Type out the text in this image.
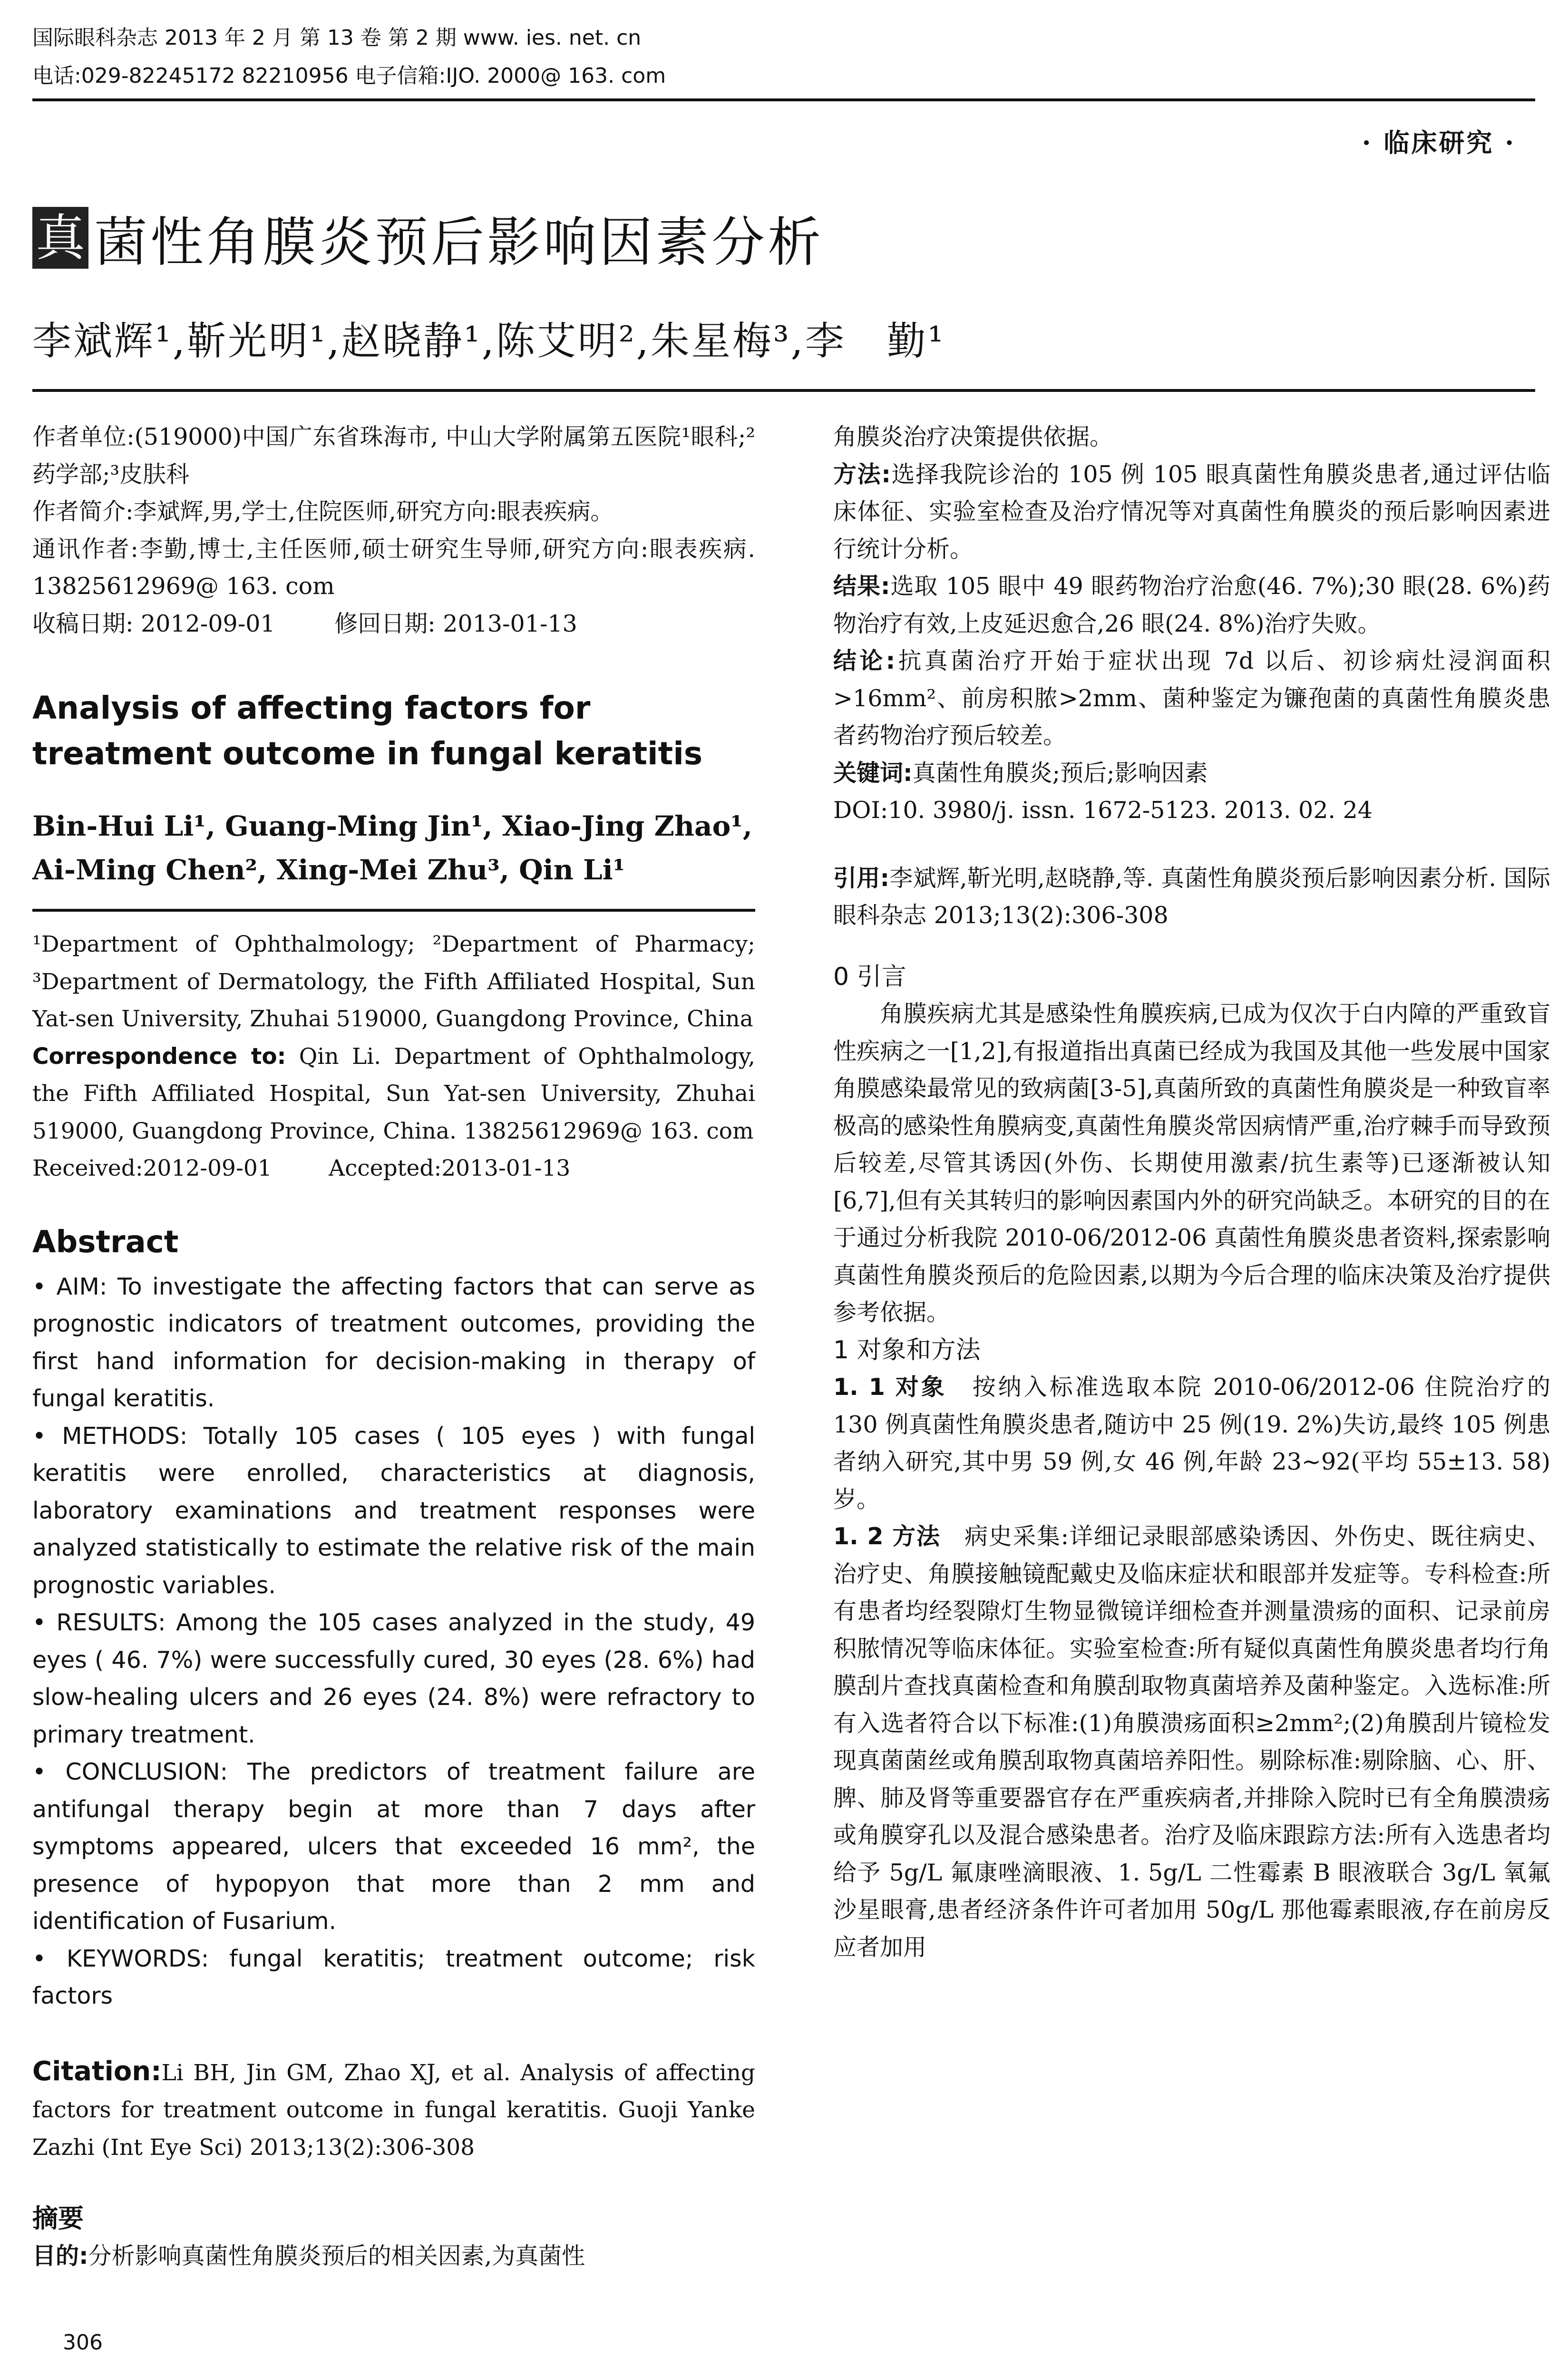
国际眼科杂志 2013 年 2 月 第 13 卷 第 2 期 www. ies. net. cn
电话:029-82245172 82210956 电子信箱:IJO. 2000@ 163. com
· 临床研究 ·
真 菌性角膜炎预后影响因素分析
李斌辉¹,靳光明¹,赵晓静¹,陈艾明²,朱星梅³,李　勤¹

作者单位:(519000)中国广东省珠海市, 中山大学附属第五医院¹眼科;²药学部;³皮肤科

作者简介:李斌辉,男,学士,住院医师,研究方向:眼表疾病。

通讯作者:李勤,博士,主任医师,硕士研究生导师,研究方向:眼表疾病. 13825612969@ 163. com

收稿日期: 2012-09-01        修回日期: 2013-01-13

Analysis of affecting factors for treatment outcome in fungal keratitis

Bin-Hui Li¹, Guang-Ming Jin¹, Xiao-Jing Zhao¹,
Ai-Ming Chen², Xing-Mei Zhu³, Qin Li¹

¹Department of Ophthalmology; ²Department of Pharmacy; ³Department of Dermatology, the Fifth Affiliated Hospital, Sun Yat-sen University, Zhuhai 519000, Guangdong Province, China

Correspondence to: Qin Li. Department of Ophthalmology, the Fifth Affiliated Hospital, Sun Yat-sen University, Zhuhai 519000, Guangdong Province, China. 13825612969@ 163. com

Received:2012-09-01        Accepted:2013-01-13

Abstract

• AIM: To investigate the affecting factors that can serve as prognostic indicators of treatment outcomes, providing the first hand information for decision-making in therapy of fungal keratitis.

• METHODS: Totally 105 cases ( 105 eyes ) with fungal keratitis were enrolled, characteristics at diagnosis, laboratory examinations and treatment responses were analyzed statistically to estimate the relative risk of the main prognostic variables.

• RESULTS: Among the 105 cases analyzed in the study, 49 eyes ( 46. 7%) were successfully cured, 30 eyes (28. 6%) had slow-healing ulcers and 26 eyes (24. 8%) were refractory to primary treatment.

• CONCLUSION: The predictors of treatment failure are antifungal therapy begin at more than 7 days after symptoms appeared, ulcers that exceeded 16 mm², the presence of hypopyon that more than 2 mm and identification of Fusarium.

• KEYWORDS: fungal keratitis; treatment outcome; risk factors

Citation:Li BH, Jin GM, Zhao XJ, et al. Analysis of affecting factors for treatment outcome in fungal keratitis. Guoji Yanke Zazhi (Int Eye Sci) 2013;13(2):306-308

摘要

目的:分析影响真菌性角膜炎预后的相关因素,为真菌性

角膜炎治疗决策提供依据。

方法:选择我院诊治的 105 例 105 眼真菌性角膜炎患者,通过评估临床体征、实验室检查及治疗情况等对真菌性角膜炎的预后影响因素进行统计分析。

结果:选取 105 眼中 49 眼药物治疗治愈(46. 7%);30 眼(28. 6%)药物治疗有效,上皮延迟愈合,26 眼(24. 8%)治疗失败。

结论:抗真菌治疗开始于症状出现 7d 以后、初诊病灶浸润面积>16mm²、前房积脓>2mm、菌种鉴定为镰孢菌的真菌性角膜炎患者药物治疗预后较差。

关键词:真菌性角膜炎;预后;影响因素

DOI:10. 3980/j. issn. 1672-5123. 2013. 02. 24

引用:李斌辉,靳光明,赵晓静,等. 真菌性角膜炎预后影响因素分析. 国际眼科杂志 2013;13(2):306-308

0 引言

角膜疾病尤其是感染性角膜疾病,已成为仅次于白内障的严重致盲性疾病之一[1,2],有报道指出真菌已经成为我国及其他一些发展中国家角膜感染最常见的致病菌[3-5],真菌所致的真菌性角膜炎是一种致盲率极高的感染性角膜病变,真菌性角膜炎常因病情严重,治疗棘手而导致预后较差,尽管其诱因(外伤、长期使用激素/抗生素等)已逐渐被认知[6,7],但有关其转归的影响因素国内外的研究尚缺乏。本研究的目的在于通过分析我院 2010-06/2012-06 真菌性角膜炎患者资料,探索影响真菌性角膜炎预后的危险因素,以期为今后合理的临床决策及治疗提供参考依据。

1 对象和方法

1. 1 对象　按纳入标准选取本院 2010-06/2012-06 住院治疗的 130 例真菌性角膜炎患者,随访中 25 例(19. 2%)失访,最终 105 例患者纳入研究,其中男 59 例,女 46 例,年龄 23~92(平均 55±13. 58)岁。

1. 2 方法　病史采集:详细记录眼部感染诱因、外伤史、既往病史、治疗史、角膜接触镜配戴史及临床症状和眼部并发症等。专科检查:所有患者均经裂隙灯生物显微镜详细检查并测量溃疡的面积、记录前房积脓情况等临床体征。实验室检查:所有疑似真菌性角膜炎患者均行角膜刮片查找真菌检查和角膜刮取物真菌培养及菌种鉴定。入选标准:所有入选者符合以下标准:(1)角膜溃疡面积≥2mm²;(2)角膜刮片镜检发现真菌菌丝或角膜刮取物真菌培养阳性。剔除标准:剔除脑、心、肝、脾、肺及肾等重要器官存在严重疾病者,并排除入院时已有全角膜溃疡或角膜穿孔以及混合感染患者。治疗及临床跟踪方法:所有入选患者均给予 5g/L 氟康唑滴眼液、1. 5g/L 二性霉素 B 眼液联合 3g/L 氧氟沙星眼膏,患者经济条件许可者加用 50g/L 那他霉素眼液,存在前房反应者加用

306
